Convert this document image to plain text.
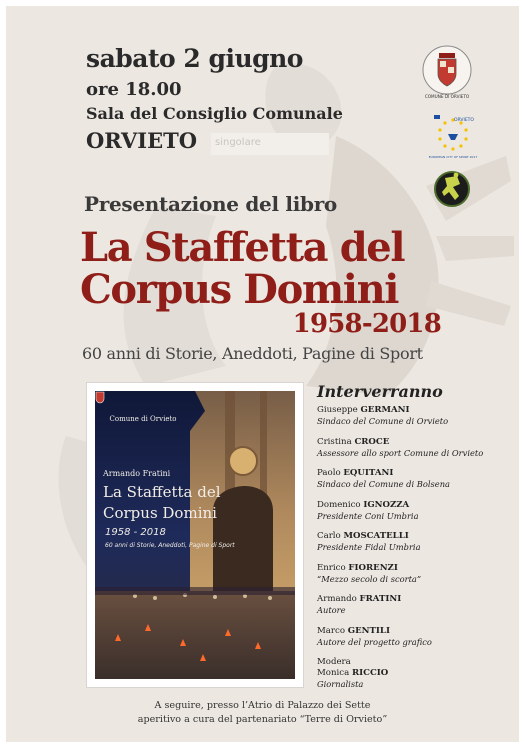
sabato 2 giugno
ore 18.00
Sala del Consiglio Comunale
ORVIETO	singolare
COMUNE DI ORVIETO
ORVIETO
EUROPEAN CITY OF SPORT 2017
Presentazione del libro
La Staffetta del
Corpus Domini
1958-2018
60 anni di Storie, Aneddoti, Pagine di Sport
Comune di Orvieto
Armando Fratini
La Staffetta del
Corpus Domini
1958 - 2018
60 anni di Storie, Aneddoti, Pagine di Sport
Interverranno
Giuseppe GERMANI
Sindaco del Comune di Orvieto
Cristina CROCE
Assessore allo sport Comune di Orvieto
Paolo EQUITANI
Sindaco del Comune di Bolsena
Domenico IGNOZZA
Presidente Coni Umbria
Carlo MOSCATELLI
Presidente Fidal Umbria
Enrico FIORENZI
“Mezzo secolo di scorta”
Armando FRATINI
Autore
Marco GENTILI
Autore del progetto grafico
Modera
Monica RICCIO
Giornalista
A seguire, presso l’Atrio di Palazzo dei Sette
aperitivo a cura del partenariato “Terre di Orvieto”
